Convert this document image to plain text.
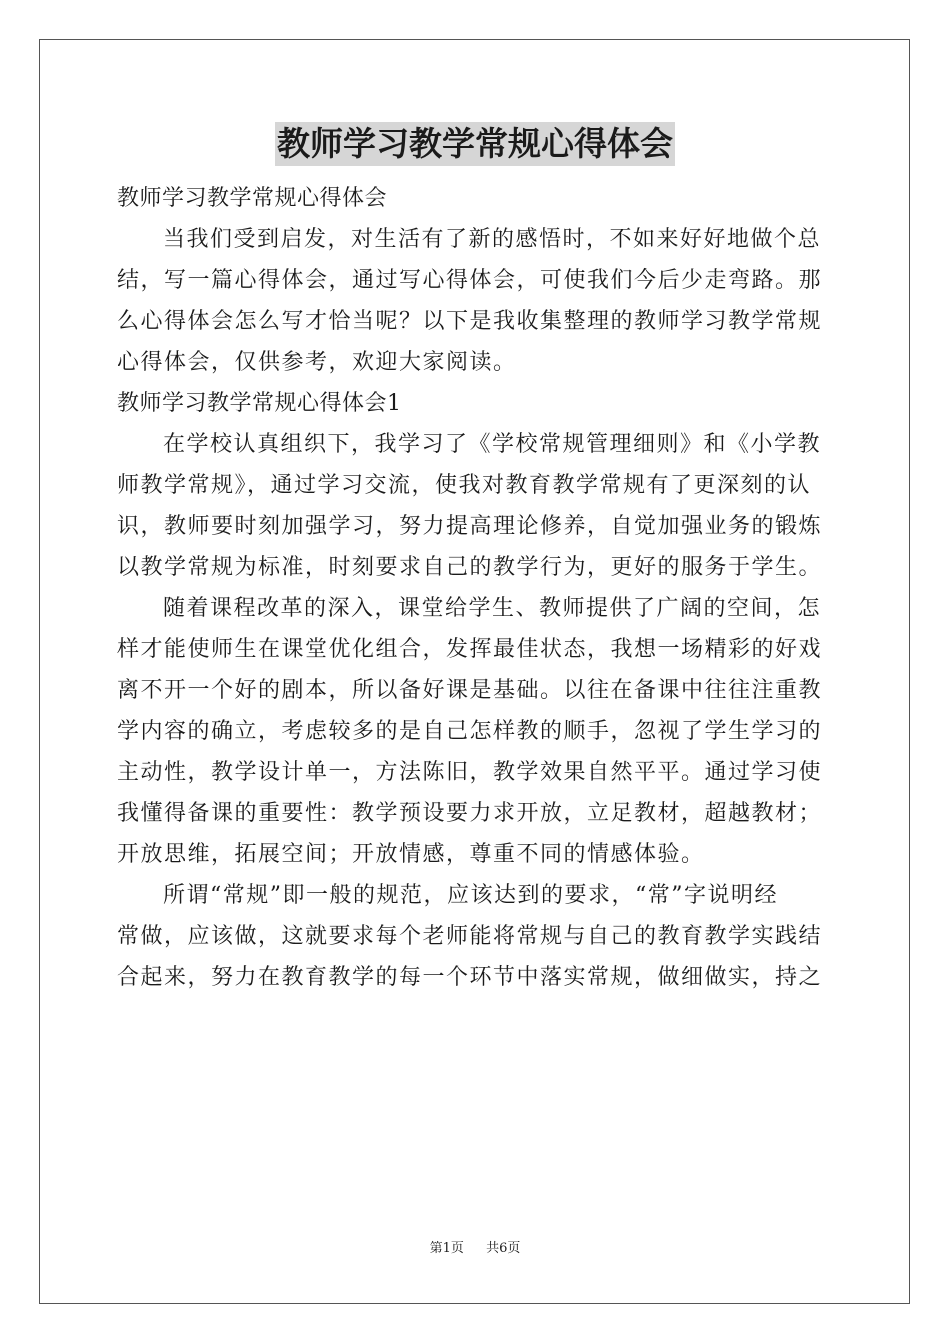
教师学习教学常规心得体会
教师学习教学常规心得体会
当我们受到启发，对生活有了新的感悟时，不如来好好地做个总
结，写一篇心得体会，通过写心得体会，可使我们今后少走弯路。那
么心得体会怎么写才恰当呢？以下是我收集整理的教师学习教学常规
心得体会，仅供参考，欢迎大家阅读。
教师学习教学常规心得体会1
在学校认真组织下，我学习了《学校常规管理细则》和《小学教
师教学常规》，通过学习交流，使我对教育教学常规有了更深刻的认
识，教师要时刻加强学习，努力提高理论修养，自觉加强业务的锻炼
以教学常规为标准，时刻要求自己的教学行为，更好的服务于学生。
随着课程改革的深入，课堂给学生、教师提供了广阔的空间，怎
样才能使师生在课堂优化组合，发挥最佳状态，我想一场精彩的好戏
离不开一个好的剧本，所以备好课是基础。以往在备课中往往注重教
学内容的确立，考虑较多的是自己怎样教的顺手，忽视了学生学习的
主动性，教学设计单一，方法陈旧，教学效果自然平平。通过学习使
我懂得备课的重要性：教学预设要力求开放，立足教材，超越教材；
开放思维，拓展空间；开放情感，尊重不同的情感体验。
所谓“常规”即一般的规范，应该达到的要求，“常”字说明经
常做，应该做，这就要求每个老师能将常规与自己的教育教学实践结
合起来，努力在教育教学的每一个环节中落实常规，做细做实，持之
第1页 共6页
